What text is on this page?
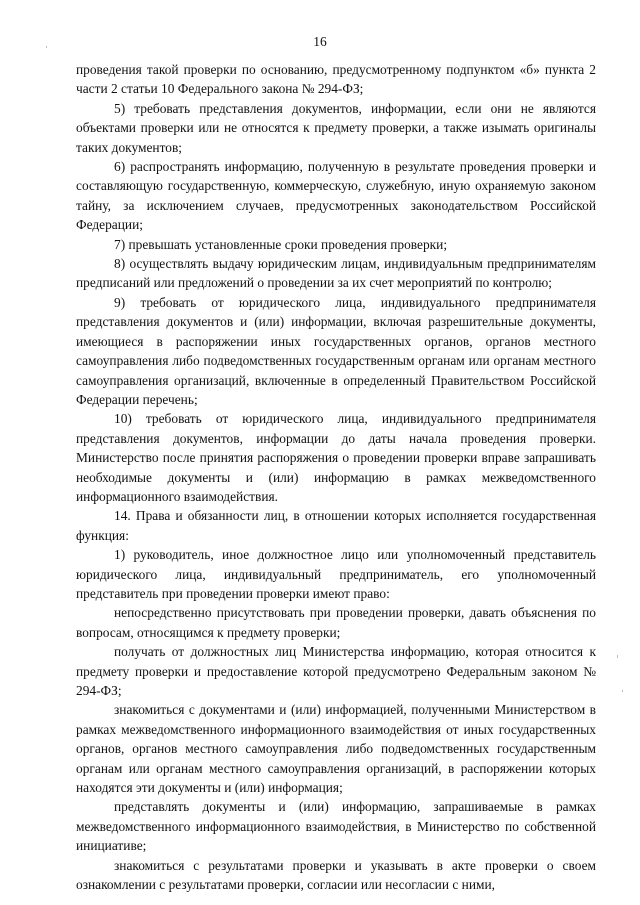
16

проведения такой проверки по основанию, предусмотренному подпунктом «б» пункта 2 части 2 статьи 10 Федерального закона № 294-ФЗ;

5) требовать представления документов, информации, если они не являются объектами проверки или не относятся к предмету проверки, а также изымать оригиналы таких документов;

6) распространять информацию, полученную в результате проведения проверки и составляющую государственную, коммерческую, служебную, иную охраняемую законом тайну, за исключением случаев, предусмотренных законодательством Российской Федерации;

7) превышать установленные сроки проведения проверки;

8) осуществлять выдачу юридическим лицам, индивидуальным предпринимателям предписаний или предложений о проведении за их счет мероприятий по контролю;

9) требовать от юридического лица, индивидуального предпринимателя представления документов и (или) информации, включая разрешительные документы, имеющиеся в распоряжении иных государственных органов, органов местного самоуправления либо подведомственных государственным органам или органам местного самоуправления организаций, включенные в определенный Правительством Российской Федерации перечень;

10) требовать от юридического лица, индивидуального предпринимателя представления документов, информации до даты начала проведения проверки. Министерство после принятия распоряжения о проведении проверки вправе запрашивать необходимые документы и (или) информацию в рамках межведомственного информационного взаимодействия.

14. Права и обязанности лиц, в отношении которых исполняется государственная функция:

1) руководитель, иное должностное лицо или уполномоченный представитель юридического лица, индивидуальный предприниматель, его уполномоченный представитель при проведении проверки имеют право:

непосредственно присутствовать при проведении проверки, давать объяснения по вопросам, относящимся к предмету проверки;

получать от должностных лиц Министерства информацию, которая относится к предмету проверки и предоставление которой предусмотрено Федеральным законом № 294-ФЗ;

знакомиться с документами и (или) информацией, полученными Министерством в рамках межведомственного информационного взаимодействия от иных государственных органов, органов местного самоуправления либо подведомственных государственным органам или органам местного самоуправления организаций, в распоряжении которых находятся эти документы и (или) информация;

представлять документы и (или) информацию, запрашиваемые в рамках межведомственного информационного взаимодействия, в Министерство по собственной инициативе;

знакомиться с результатами проверки и указывать в акте проверки о своем ознакомлении с результатами проверки, согласии или несогласии с ними,
